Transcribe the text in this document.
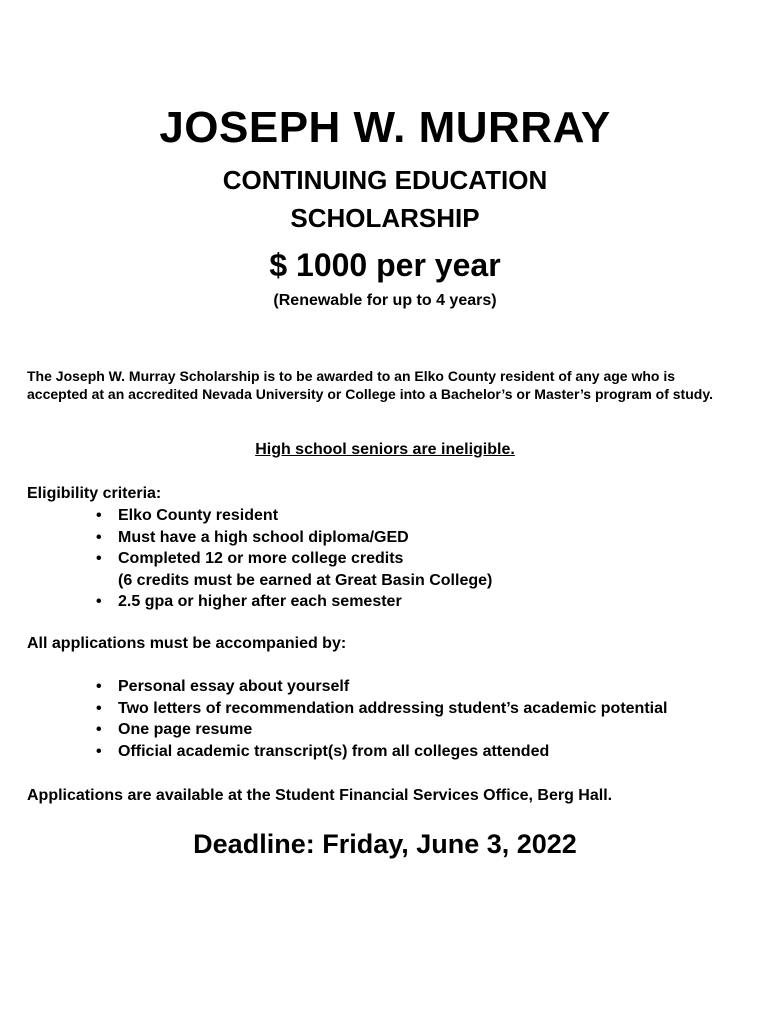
JOSEPH W. MURRAY
CONTINUING EDUCATION
SCHOLARSHIP
$ 1000 per year
(Renewable for up to 4 years)
The Joseph W. Murray Scholarship is to be awarded to an Elko County resident of any age who is accepted at an accredited Nevada University or College into a Bachelor’s or Master’s program of study.
High school seniors are ineligible.
Eligibility criteria:
• Elko County resident
• Must have a high school diploma/GED
• Completed 12 or more college credits
(6 credits must be earned at Great Basin College)
• 2.5 gpa or higher after each semester
All applications must be accompanied by:
• Personal essay about yourself
• Two letters of recommendation addressing student’s academic potential
• One page resume
• Official academic transcript(s) from all colleges attended
Applications are available at the Student Financial Services Office, Berg Hall.
Deadline: Friday, June 3, 2022
